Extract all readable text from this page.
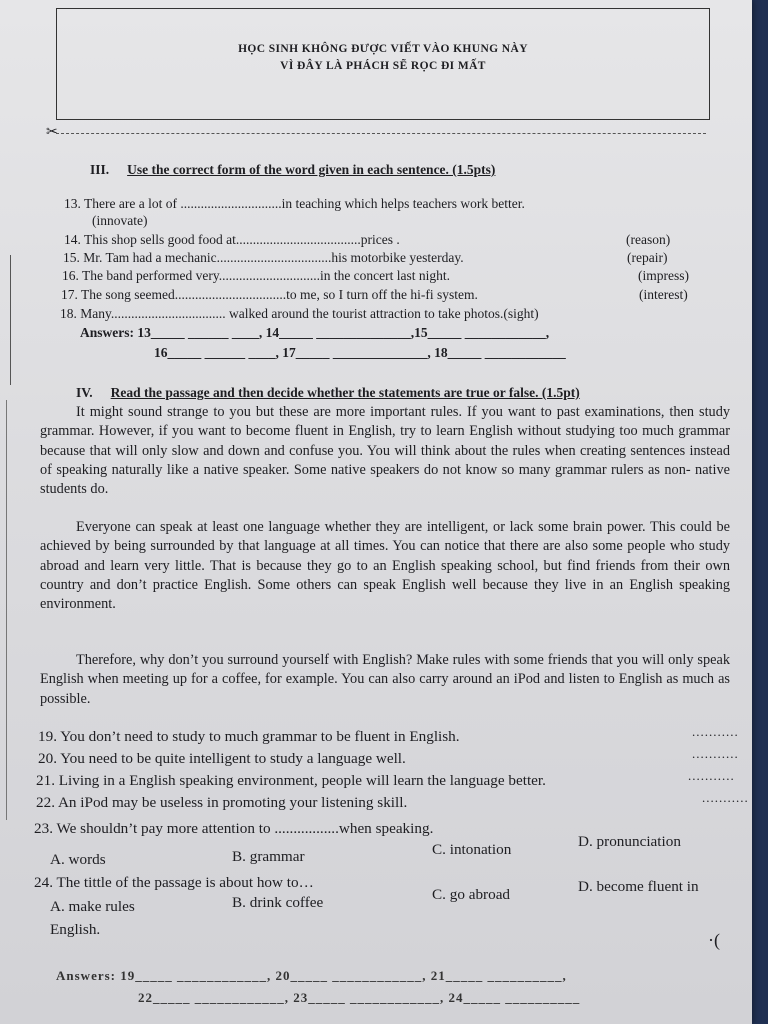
HỌC SINH KHÔNG ĐƯỢC VIẾT VÀO KHUNG NÀY
VÌ ĐÂY LÀ PHÁCH SẼ RỌC ĐI MẤT
✂
III. Use the correct form of the word given in each sentence. (1.5pts)
13. There are a lot of ..............................in teaching which helps teachers work better.
(innovate)
14. This shop sells good food at.....................................prices .	(reason)
15. Mr. Tam had a mechanic..................................his motorbike yesterday.	(repair)
16. The band performed very..............................in the concert last night.	(impress)
17. The song seemed.................................to me, so I turn off the hi-fi system.	(interest)
18. Many.................................. walked around the tourist attraction to take photos.(sight)
Answers: 13_____ ______ ____, 14_____ ______________,15_____ ____________,
16_____ ______ ____, 17_____ ______________, 18_____ ____________
IV. Read the passage and then decide whether the statements are true or false. (1.5pt)
It might sound strange to you but these are more important rules. If you want to past examinations, then study grammar. However, if you want to become fluent in English, try to learn English without studying too much grammar because that will only slow and down and confuse you. You will think about the rules when creating sentences instead of speaking naturally like a native speaker. Some native speakers do not know so many grammar rulers as non- native students do.
Everyone can speak at least one language whether they are intelligent, or lack some brain power. This could be achieved by being surrounded by that language at all times. You can notice that there are also some people who study abroad and learn very little. That is because they go to an English speaking school, but find friends from their own country and don’t practice English. Some others can speak English well because they live in an English speaking environment.
Therefore, why don’t you surround yourself with English? Make rules with some friends that you will only speak English when meeting up for a coffee, for example. You can also carry around an iPod and listen to English as much as possible.
19. You don’t need to study to much grammar to be fluent in English.	...........
20. You need to be quite intelligent to study a language well.	...........
21. Living in a English speaking environment, people will learn the language better.	...........
22. An iPod may be useless in promoting your listening skill.	...........
23. We shouldn’t pay more attention to .................when speaking.
A. words	B. grammar	C. intonation	D. pronunciation
24. The tittle of the passage is about how to…
A. make rules	B. drink coffee	C. go abroad	D. become fluent in
English.
Answers: 19_____ ____________, 20_____ ____________, 21_____ __________,
22_____ ____________, 23_____ ____________, 24_____ __________
·(
